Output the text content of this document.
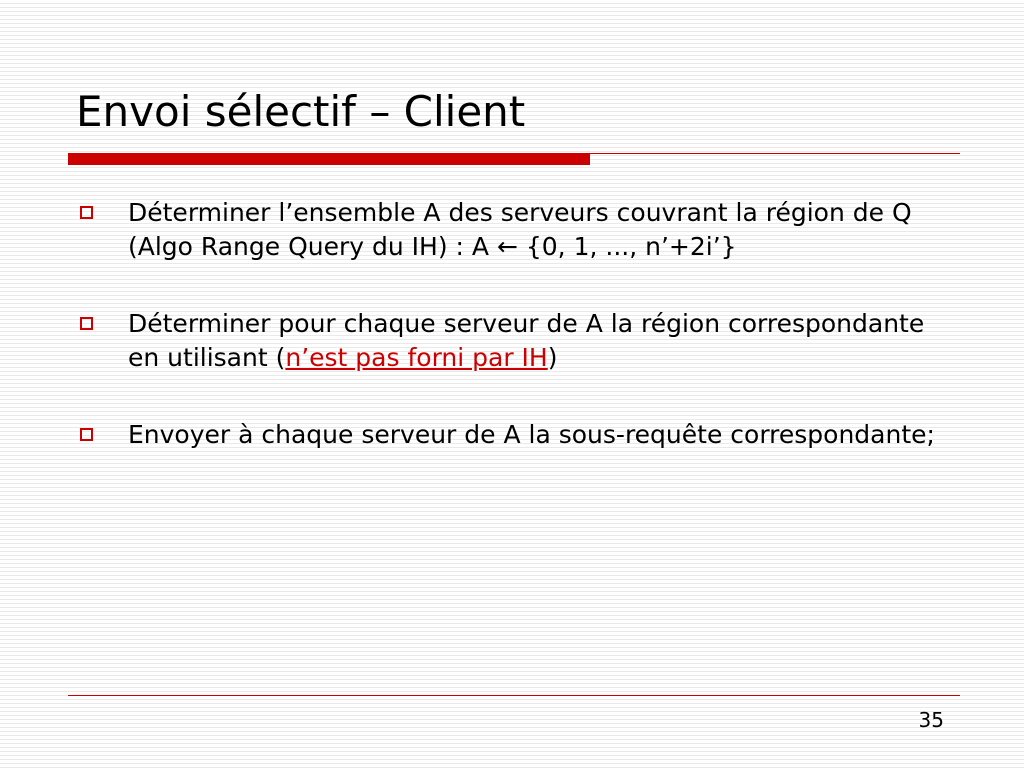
Envoi sélectif – Client
Déterminer l’ensemble A des serveurs couvrant la région de Q (Algo Range Query du IH) : A ← {0, 1, ..., n’+2i’}
Déterminer pour chaque serveur de A la région correspondante en utilisant (n’est pas forni par IH)
Envoyer à chaque serveur de A la sous-requête correspondante;
35
